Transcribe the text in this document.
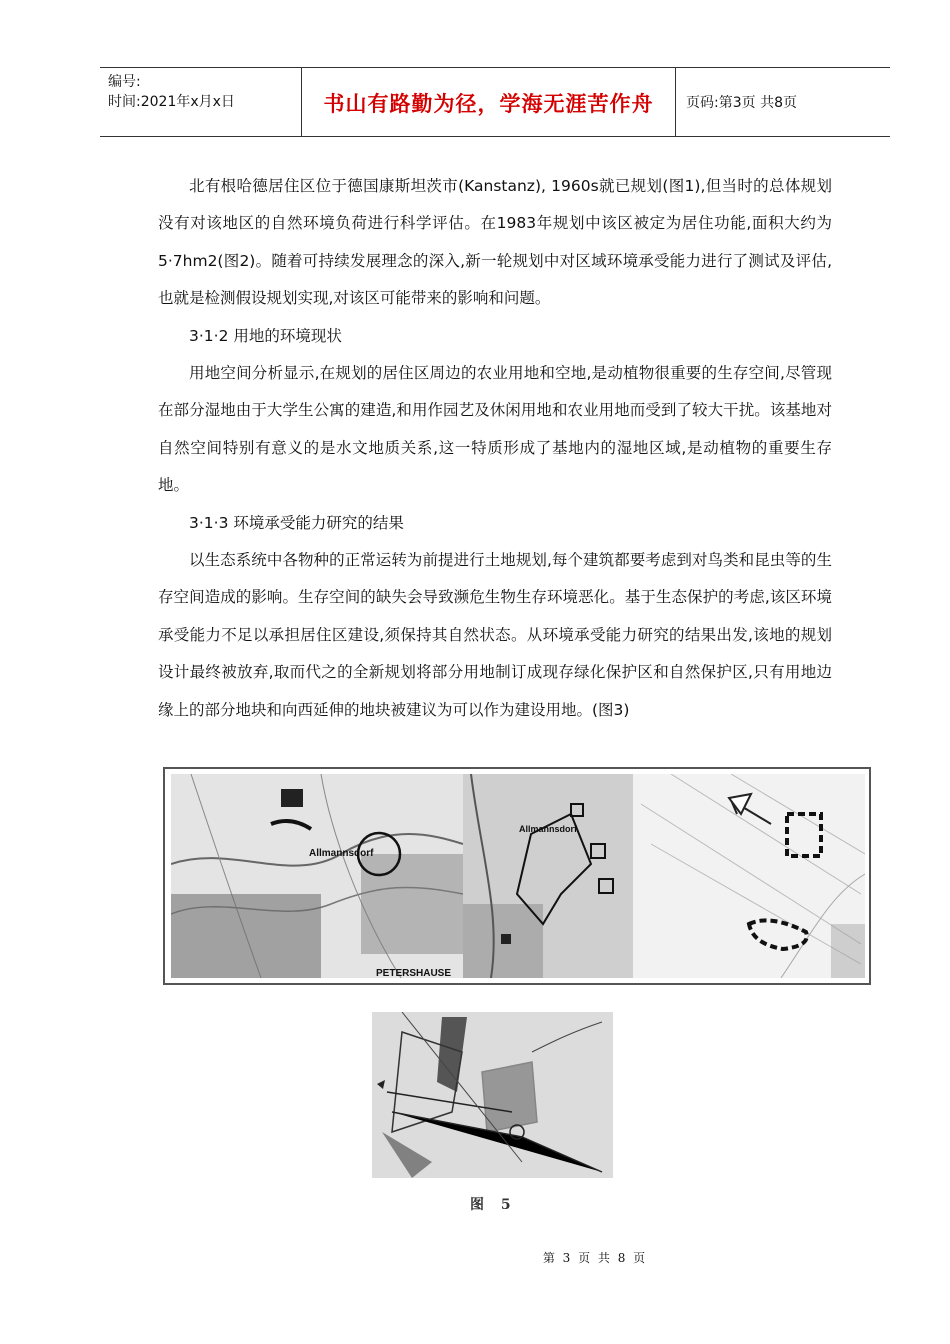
编号:
时间:2021年x月x日	书山有路勤为径，学海无涯苦作舟	页码:第3页 共8页

北有根哈德居住区位于德国康斯坦茨市(Kanstanz), 1960s就已规划(图1),但当时的总体规划没有对该地区的自然环境负荷进行科学评估。在1983年规划中该区被定为居住功能,面积大约为5·7hm2(图2)。随着可持续发展理念的深入,新一轮规划中对区域环境承受能力进行了测试及评估,也就是检测假设规划实现,对该区可能带来的影响和问题。

3·1·2 用地的环境现状

用地空间分析显示,在规划的居住区周边的农业用地和空地,是动植物很重要的生存空间,尽管现在部分湿地由于大学生公寓的建造,和用作园艺及休闲用地和农业用地而受到了较大干扰。该基地对自然空间特别有意义的是水文地质关系,这一特质形成了基地内的湿地区域,是动植物的重要生存地。

3·1·3 环境承受能力研究的结果

以生态系统中各物种的正常运转为前提进行土地规划,每个建筑都要考虑到对鸟类和昆虫等的生存空间造成的影响。生存空间的缺失会导致濒危生物生存环境恶化。基于生态保护的考虑,该区环境承受能力不足以承担居住区建设,须保持其自然状态。从环境承受能力研究的结果出发,该地的规划设计最终被放弃,取而代之的全新规划将部分用地制订成现存绿化保护区和自然保护区,只有用地边缘上的部分地块和向西延伸的地块被建议为可以作为建设用地。(图3)

Allmannsdorf
PETERSHAUSE
Allmannsdorf
图 5
第 3 页 共 8 页
